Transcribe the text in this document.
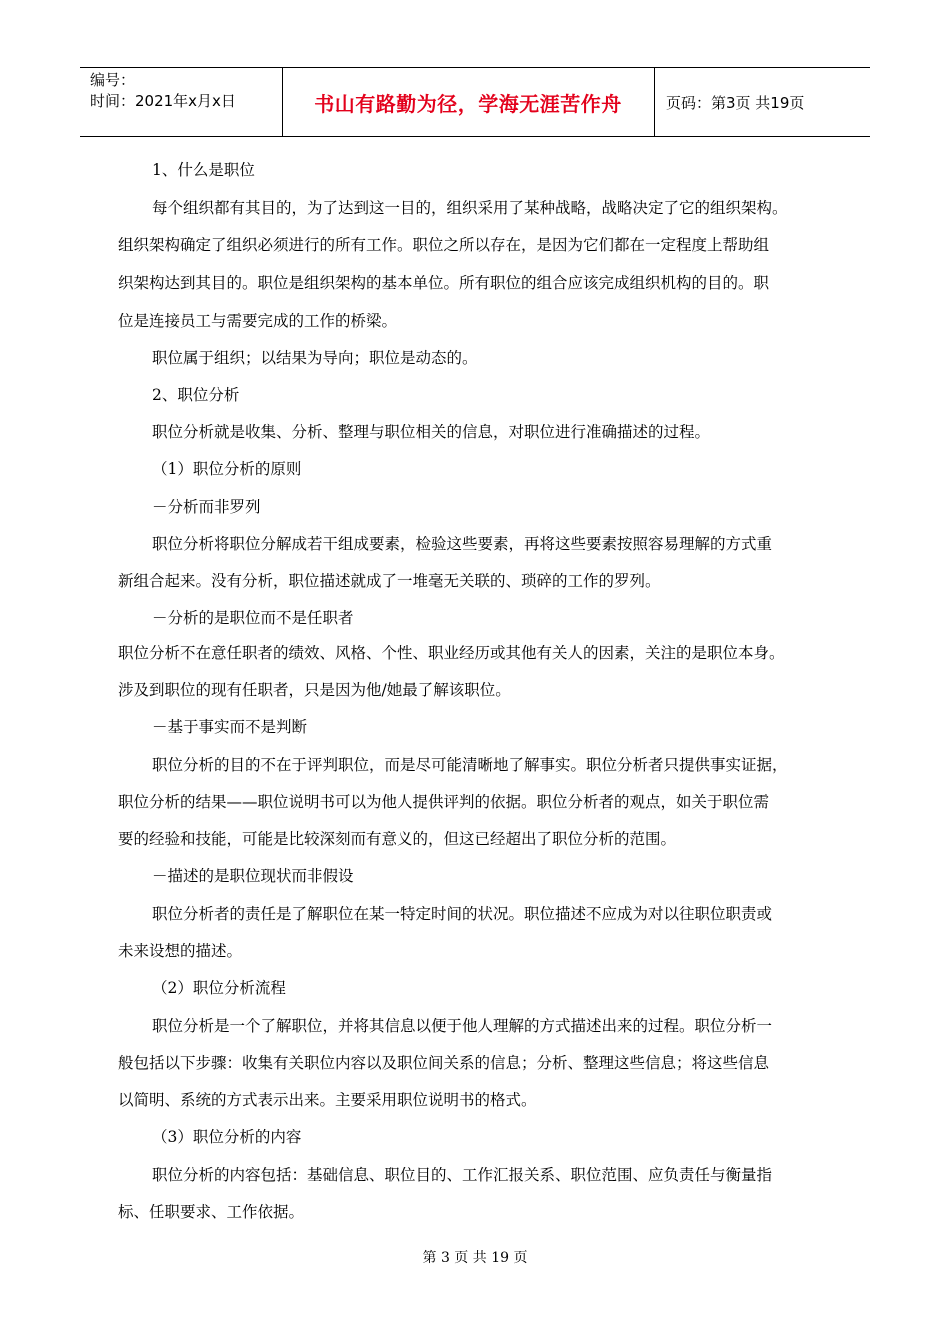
编号：
时间：2021年x月x日	书山有路勤为径，学海无涯苦作舟	页码：第3页 共19页
1、什么是职位
每个组织都有其目的，为了达到这一目的，组织采用了某种战略，战略决定了它的组织架构。
组织架构确定了组织必须进行的所有工作。职位之所以存在，是因为它们都在一定程度上帮助组
织架构达到其目的。职位是组织架构的基本单位。所有职位的组合应该完成组织机构的目的。职
位是连接员工与需要完成的工作的桥梁。
职位属于组织；以结果为导向；职位是动态的。
2、职位分析
职位分析就是收集、分析、整理与职位相关的信息，对职位进行准确描述的过程。
（1）职位分析的原则
－分析而非罗列
职位分析将职位分解成若干组成要素，检验这些要素，再将这些要素按照容易理解的方式重
新组合起来。没有分析，职位描述就成了一堆毫无关联的、琐碎的工作的罗列。
－分析的是职位而不是任职者
职位分析不在意任职者的绩效、风格、个性、职业经历或其他有关人的因素，关注的是职位本身。
涉及到职位的现有任职者，只是因为他/她最了解该职位。
－基于事实而不是判断
职位分析的目的不在于评判职位，而是尽可能清晰地了解事实。职位分析者只提供事实证据，
职位分析的结果——职位说明书可以为他人提供评判的依据。职位分析者的观点，如关于职位需
要的经验和技能，可能是比较深刻而有意义的，但这已经超出了职位分析的范围。
－描述的是职位现状而非假设
职位分析者的责任是了解职位在某一特定时间的状况。职位描述不应成为对以往职位职责或
未来设想的描述。
（2）职位分析流程
职位分析是一个了解职位，并将其信息以便于他人理解的方式描述出来的过程。职位分析一
般包括以下步骤：收集有关职位内容以及职位间关系的信息；分析、整理这些信息；将这些信息
以简明、系统的方式表示出来。主要采用职位说明书的格式。
（3）职位分析的内容
职位分析的内容包括：基础信息、职位目的、工作汇报关系、职位范围、应负责任与衡量指
标、任职要求、工作依据。
第 3 页 共 19 页
